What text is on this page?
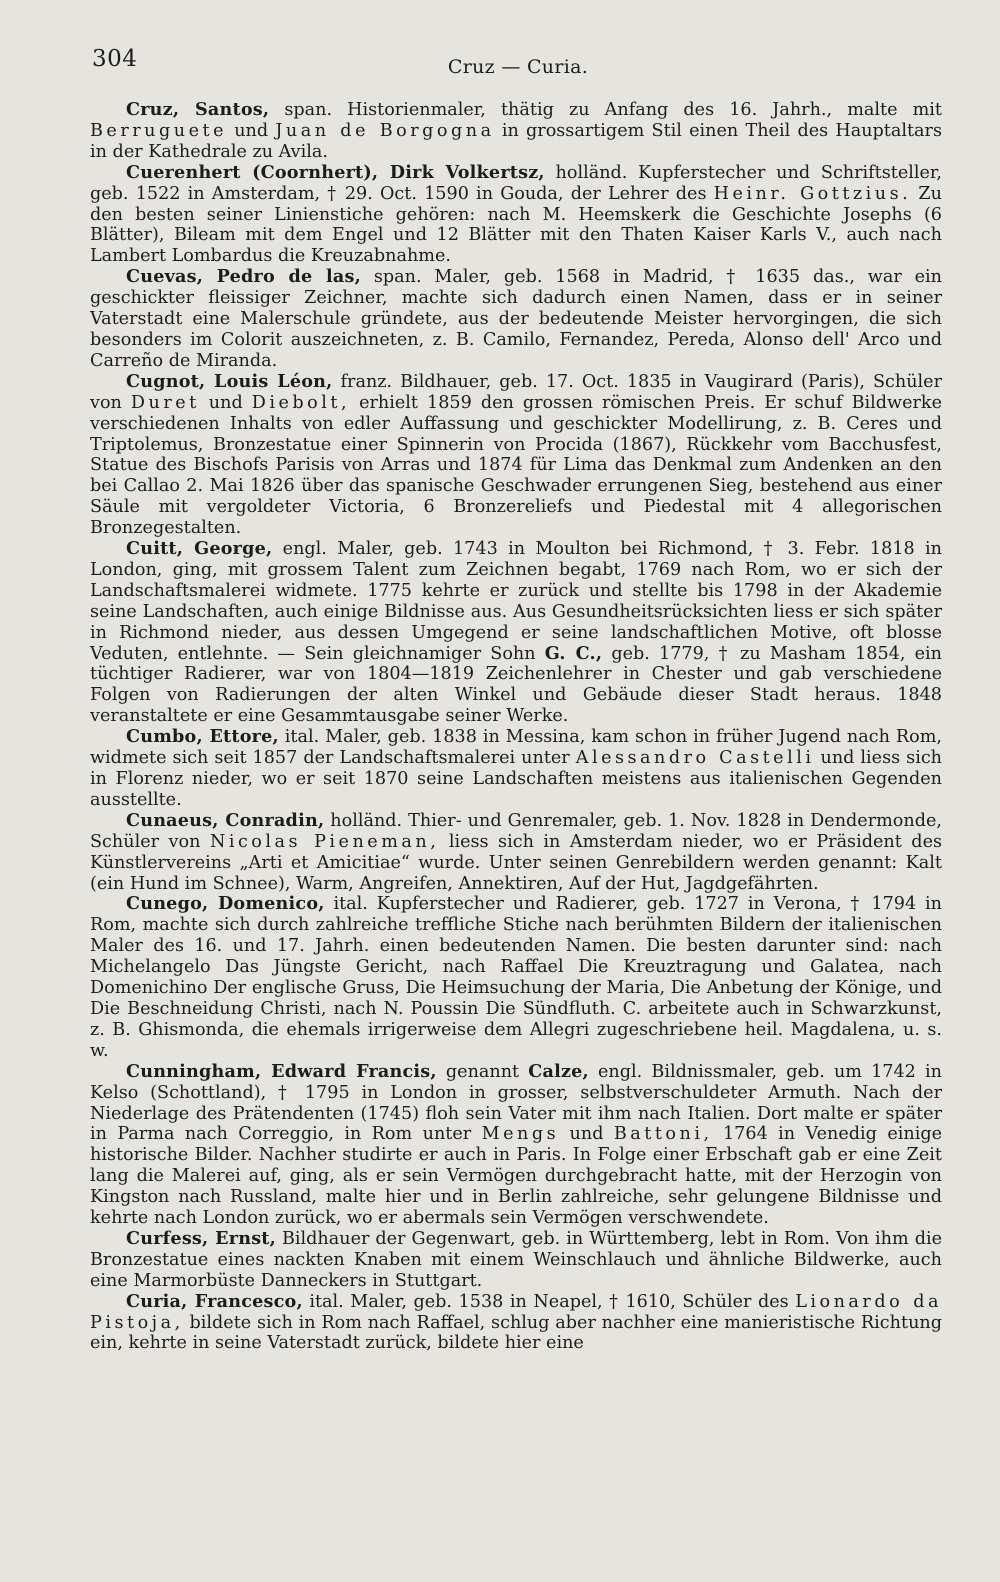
304	Cruz — Curia.

Cruz, Santos, span. Historienmaler, thätig zu Anfang des 16. Jahrh., malte mit Berruguete und Juan de Borgogna in grossartigem Stil einen Theil des Hauptaltars in der Kathedrale zu Avila.

Cuerenhert (Coornhert), Dirk Volkertsz, holländ. Kupferstecher und Schriftsteller, geb. 1522 in Amsterdam, † 29. Oct. 1590 in Gouda, der Lehrer des Heinr. Gottzius. Zu den besten seiner Linienstiche gehören: nach M. Heemskerk die Geschichte Josephs (6 Blätter), Bileam mit dem Engel und 12 Blätter mit den Thaten Kaiser Karls V., auch nach Lambert Lombardus die Kreuzabnahme.

Cuevas, Pedro de las, span. Maler, geb. 1568 in Madrid, † 1635 das., war ein geschickter fleissiger Zeichner, machte sich dadurch einen Namen, dass er in seiner Vaterstadt eine Malerschule gründete, aus der bedeutende Meister hervorgingen, die sich besonders im Colorit auszeichneten, z. B. Camilo, Fernandez, Pereda, Alonso dell' Arco und Carreño de Miranda.

Cugnot, Louis Léon, franz. Bildhauer, geb. 17. Oct. 1835 in Vaugirard (Paris), Schüler von Duret und Diebolt, erhielt 1859 den grossen römischen Preis. Er schuf Bildwerke verschiedenen Inhalts von edler Auffassung und geschickter Modellirung, z. B. Ceres und Triptolemus, Bronzestatue einer Spinnerin von Procida (1867), Rückkehr vom Bacchusfest, Statue des Bischofs Parisis von Arras und 1874 für Lima das Denkmal zum Andenken an den bei Callao 2. Mai 1826 über das spanische Geschwader errungenen Sieg, bestehend aus einer Säule mit vergoldeter Victoria, 6 Bronzereliefs und Piedestal mit 4 allegorischen Bronzegestalten.

Cuitt, George, engl. Maler, geb. 1743 in Moulton bei Richmond, † 3. Febr. 1818 in London, ging, mit grossem Talent zum Zeichnen begabt, 1769 nach Rom, wo er sich der Landschaftsmalerei widmete. 1775 kehrte er zurück und stellte bis 1798 in der Akademie seine Landschaften, auch einige Bildnisse aus. Aus Gesundheitsrücksichten liess er sich später in Richmond nieder, aus dessen Umgegend er seine landschaftlichen Motive, oft blosse Veduten, entlehnte. — Sein gleichnamiger Sohn G. C., geb. 1779, † zu Masham 1854, ein tüchtiger Radierer, war von 1804—1819 Zeichenlehrer in Chester und gab verschiedene Folgen von Radierungen der alten Winkel und Gebäude dieser Stadt heraus. 1848 veranstaltete er eine Gesammtausgabe seiner Werke.

Cumbo, Ettore, ital. Maler, geb. 1838 in Messina, kam schon in früher Jugend nach Rom, widmete sich seit 1857 der Landschaftsmalerei unter Alessandro Castelli und liess sich in Florenz nieder, wo er seit 1870 seine Landschaften meistens aus italienischen Gegenden ausstellte.

Cunaeus, Conradin, holländ. Thier- und Genremaler, geb. 1. Nov. 1828 in Dendermonde, Schüler von Nicolas Pieneman, liess sich in Amsterdam nieder, wo er Präsident des Künstlervereins „Arti et Amicitiae“ wurde. Unter seinen Genrebildern werden genannt: Kalt (ein Hund im Schnee), Warm, Angreifen, Annektiren, Auf der Hut, Jagdgefährten.

Cunego, Domenico, ital. Kupferstecher und Radierer, geb. 1727 in Verona, † 1794 in Rom, machte sich durch zahlreiche treffliche Stiche nach berühmten Bildern der italienischen Maler des 16. und 17. Jahrh. einen bedeutenden Namen. Die besten darunter sind: nach Michelangelo Das Jüngste Gericht, nach Raffael Die Kreuztragung und Galatea, nach Domenichino Der englische Gruss, Die Heimsuchung der Maria, Die Anbetung der Könige, und Die Beschneidung Christi, nach N. Poussin Die Sündfluth. C. arbeitete auch in Schwarzkunst, z. B. Ghismonda, die ehemals irrigerweise dem Allegri zugeschriebene heil. Magdalena, u. s. w.

Cunningham, Edward Francis, genannt Calze, engl. Bildnissmaler, geb. um 1742 in Kelso (Schottland), † 1795 in London in grosser, selbstverschuldeter Armuth. Nach der Niederlage des Prätendenten (1745) floh sein Vater mit ihm nach Italien. Dort malte er später in Parma nach Correggio, in Rom unter Mengs und Battoni, 1764 in Venedig einige historische Bilder. Nachher studirte er auch in Paris. In Folge einer Erbschaft gab er eine Zeit lang die Malerei auf, ging, als er sein Vermögen durchgebracht hatte, mit der Herzogin von Kingston nach Russland, malte hier und in Berlin zahlreiche, sehr gelungene Bildnisse und kehrte nach London zurück, wo er abermals sein Vermögen verschwendete.

Curfess, Ernst, Bildhauer der Gegenwart, geb. in Württemberg, lebt in Rom. Von ihm die Bronzestatue eines nackten Knaben mit einem Weinschlauch und ähnliche Bildwerke, auch eine Marmorbüste Danneckers in Stuttgart.

Curia, Francesco, ital. Maler, geb. 1538 in Neapel, † 1610, Schüler des Lionardo da Pistoja, bildete sich in Rom nach Raffael, schlug aber nachher eine manieristische Richtung ein, kehrte in seine Vaterstadt zurück, bildete hier eine
